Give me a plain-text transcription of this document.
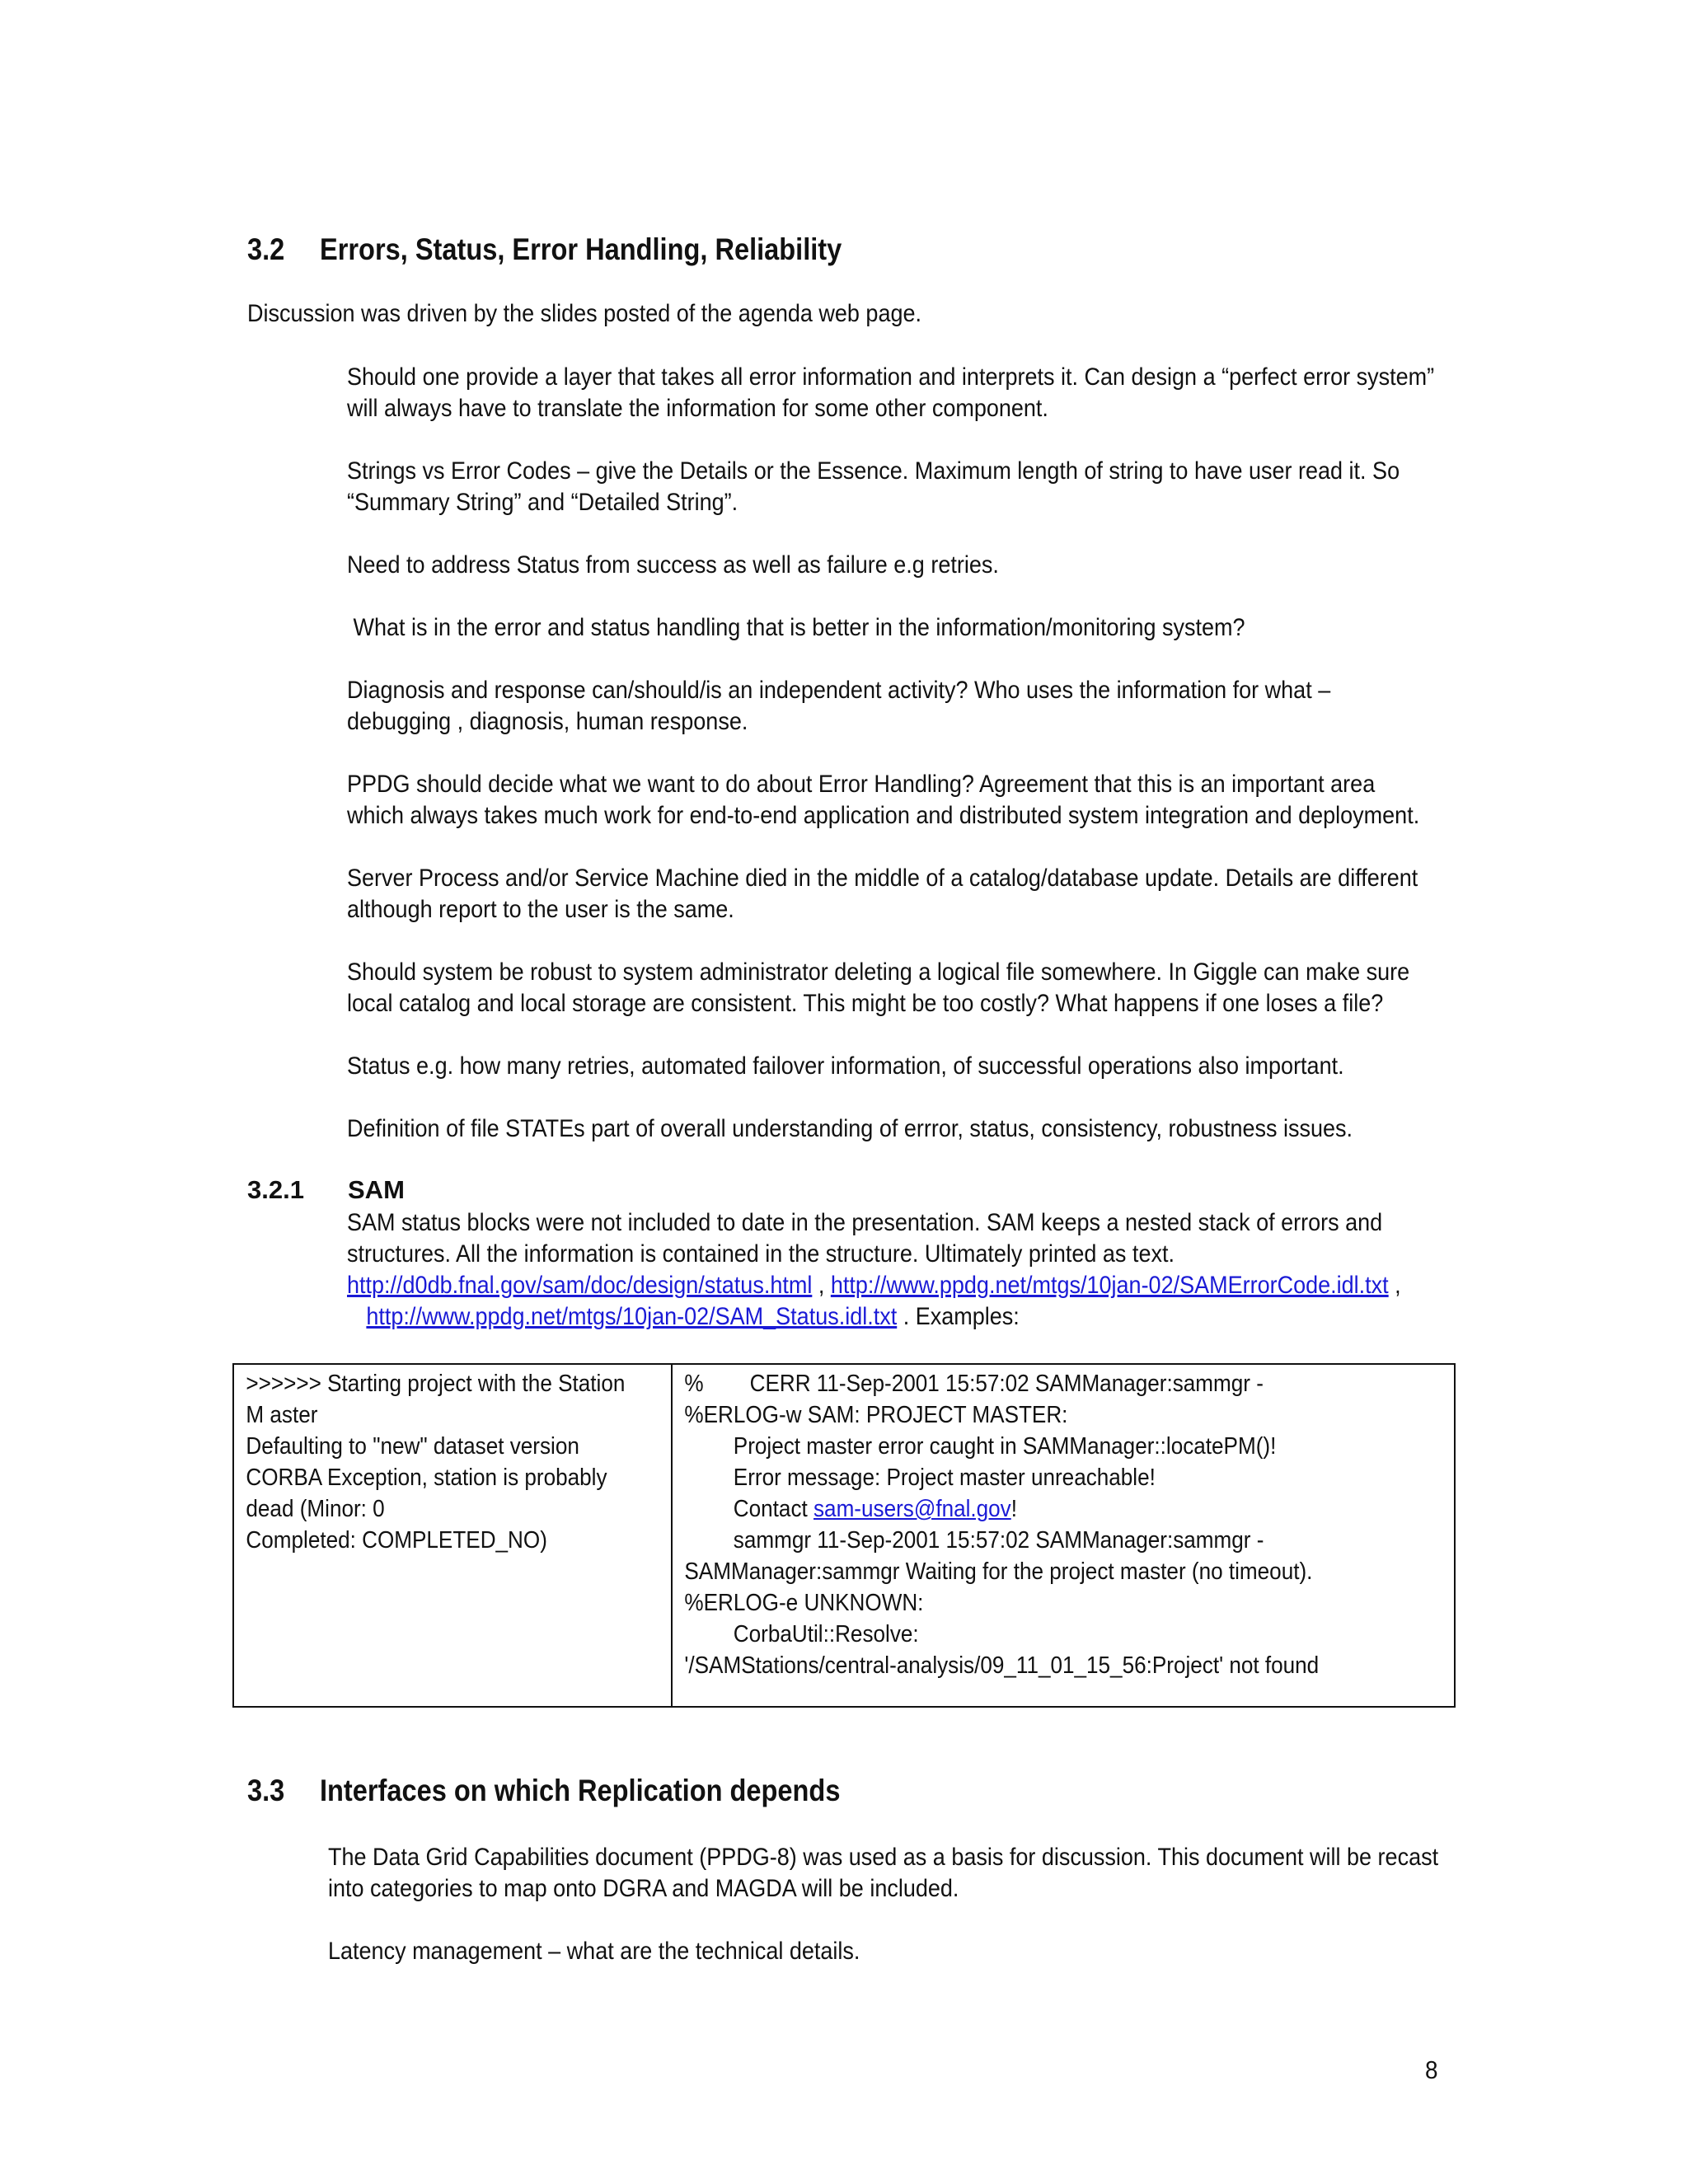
3.2 Errors, Status, Error Handling, Reliability
Discussion was driven by the slides posted of the agenda web page.
Should one provide a layer that takes all error information and interprets it. Can design a “perfect error system”
will always have to translate the information for some other component.
Strings vs Error Codes – give the Details or the Essence. Maximum length of string to have user read it. So
“Summary String” and “Detailed String”.
Need to address Status from success as well as failure e.g retries.
What is in the error and status handling that is better in the information/monitoring system?
Diagnosis and response can/should/is an independent activity? Who uses the information for what –
debugging , diagnosis, human response.
PPDG should decide what we want to do about Error Handling? Agreement that this is an important area
which always takes much work for end-to-end application and distributed system integration and deployment.
Server Process and/or Service Machine died in the middle of a catalog/database update. Details are different
although report to the user is the same.
Should system be robust to system administrator deleting a logical file somewhere. In Giggle can make sure
local catalog and local storage are consistent. This might be too costly? What happens if one loses a file?
Status e.g. how many retries, automated failover information, of successful operations also important.
Definition of file STATEs part of overall understanding of errror, status, consistency, robustness issues.
3.2.1 SAM
SAM status blocks were not included to date in the presentation. SAM keeps a nested stack of errors and
structures. All the information is contained in the structure. Ultimately printed as text.
http://d0db.fnal.gov/sam/doc/design/status.html , http://www.ppdg.net/mtgs/10jan-02/SAMErrorCode.idl.txt ,
http://www.ppdg.net/mtgs/10jan-02/SAM_Status.idl.txt . Examples:
>>>>>> Starting project with the Station
M aster
Defaulting to "new" dataset version
CORBA Exception, station is probably
dead (Minor: 0
Completed: COMPLETED_NO)
% CERR 11-Sep-2001 15:57:02 SAMManager:sammgr -
%ERLOG-w SAM: PROJECT MASTER:
Project master error caught in SAMManager::locatePM()!
Error message: Project master unreachable!
Contact sam-users@fnal.gov!
sammgr 11-Sep-2001 15:57:02 SAMManager:sammgr -
SAMManager:sammgr Waiting for the project master (no timeout).
%ERLOG-e UNKNOWN:
CorbaUtil::Resolve:
'/SAMStations/central-analysis/09_11_01_15_56:Project' not found
3.3 Interfaces on which Replication depends
The Data Grid Capabilities document (PPDG-8) was used as a basis for discussion. This document will be recast
into categories to map onto DGRA and MAGDA will be included.
Latency management – what are the technical details.
8
